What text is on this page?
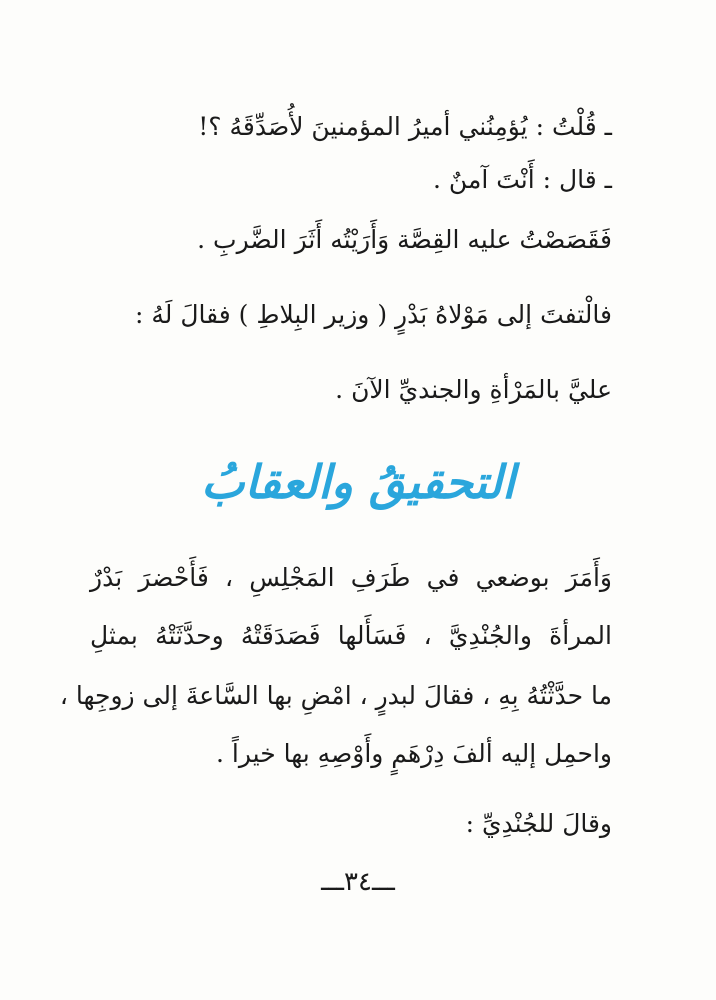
ـ قُلْتُ : يُؤمِنُني أميرُ المؤمنينَ لأُصَدِّقَهُ ؟!
ـ قال : أَنْتَ آمنٌ .
فَقَصَصْتُ عليه القِصَّة وَأَرَيْتُه أَثَرَ الضَّربِ .
فالْتفتَ إلى مَوْلاهُ بَدْرٍ ( وزير البِلاطِ ) فقالَ لَهُ :
عليَّ بالمَرْأةِ والجنديِّ الآنَ .
التحقيقُ والعقابُ
وَأَمَرَ بوضعي في طَرَفِ المَجْلِسِ ، فَأَحْضرَ بَدْرٌ
المرأةَ والجُنْدِيَّ ، فَسَأَلها فَصَدَقَتْهُ وحدَّثَتْهُ بمثلِ
ما حدَّثْتُهُ بِهِ ، فقالَ لبدرٍ ، امْضِ بها السَّاعةَ إلى زوجِها ،
واحمِل إليه ألفَ دِرْهَمٍ وأَوْصِهِ بها خيراً .
وقالَ للجُنْدِيِّ :
ـــ٣٤ـــ
